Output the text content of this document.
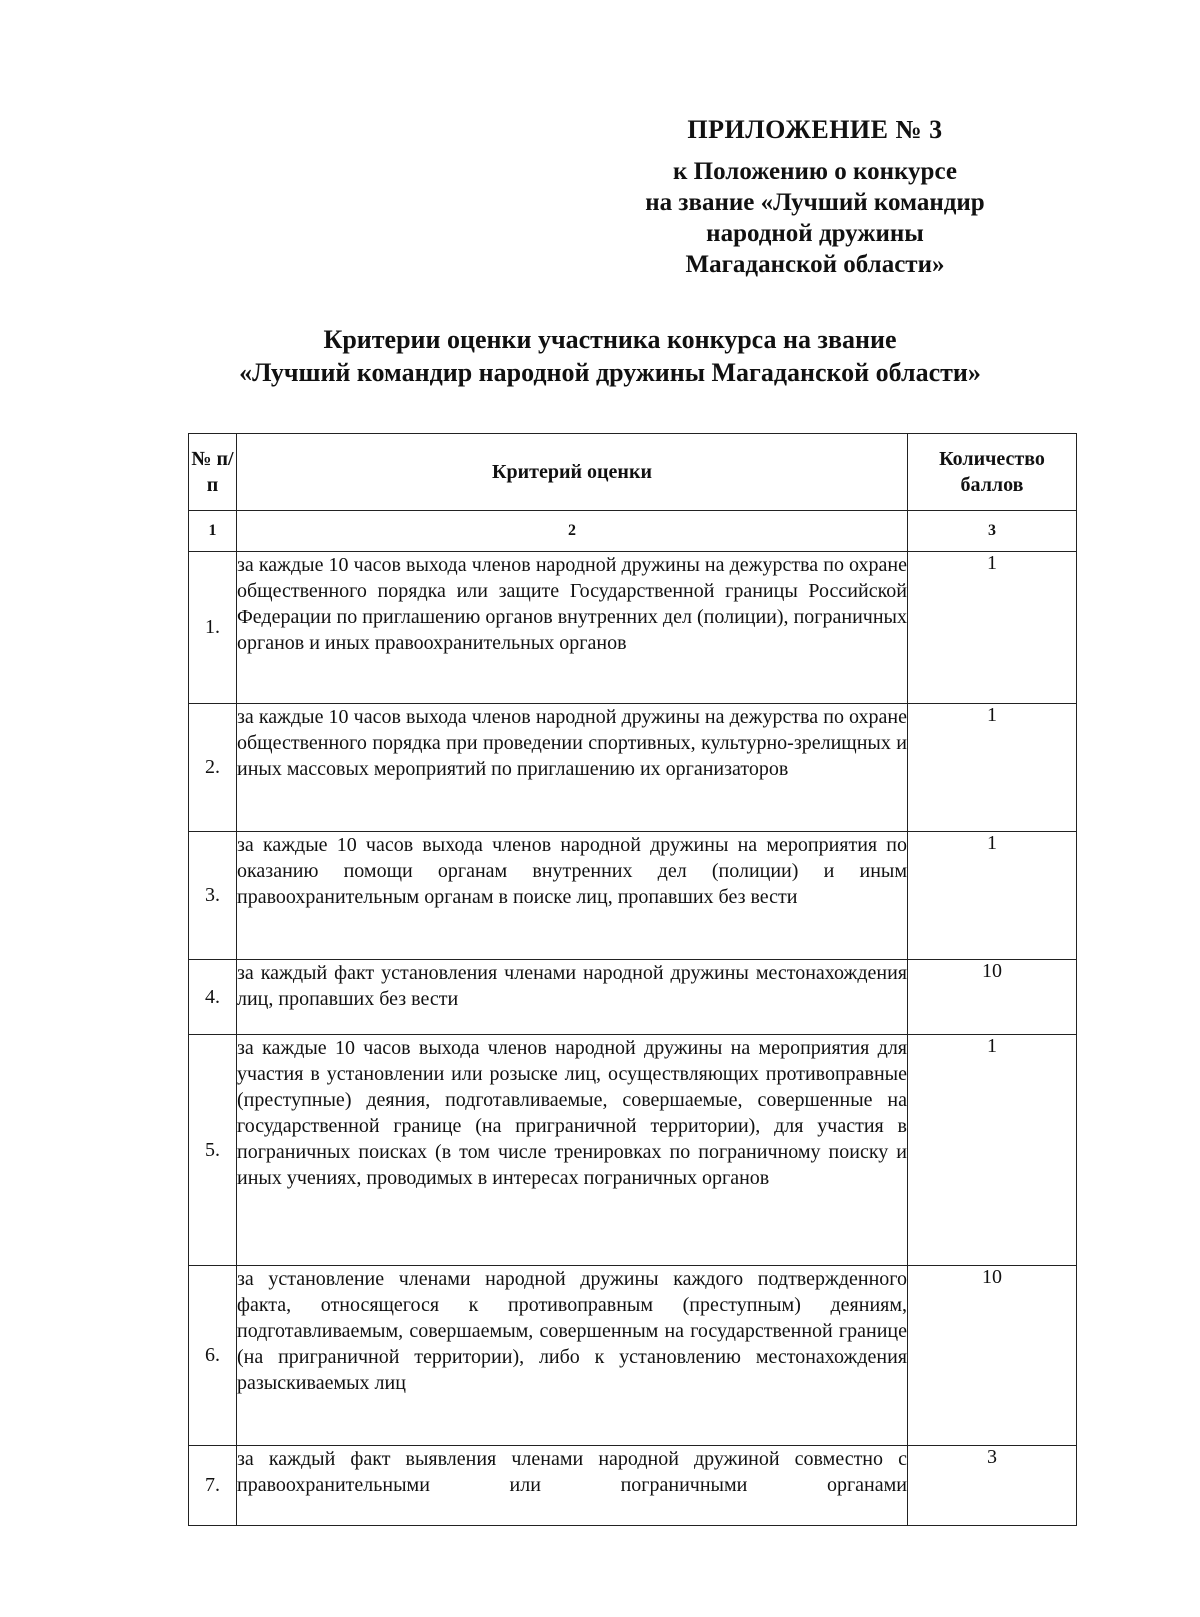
ПРИЛОЖЕНИЕ № 3
к Положению о конкурсе
на звание «Лучший командир
народной дружины
Магаданской области»
Критерии оценки участника конкурса на звание
«Лучший командир народной дружины Магаданской области»
№ п/п	Критерий оценки	Количество баллов
1	2	3
1.	за каждые 10 часов выхода членов народной дружины на дежурства по охране общественного порядка или защите Государственной границы Российской Федерации по приглашению органов внутренних дел (полиции), пограничных органов и иных правоохранительных органов	1
2.	за каждые 10 часов выхода членов народной дружины на дежурства по охране общественного порядка при проведении спортивных, культурно-зрелищных и иных массовых мероприятий по приглашению их организаторов	1
3.	за каждые 10 часов выхода членов народной дружины на мероприятия по оказанию помощи органам внутренних дел (полиции) и иным правоохранительным органам в поиске лиц, пропавших без вести	1
4.	за каждый факт установления членами народной дружины местонахождения лиц, пропавших без вести	10
5.	за каждые 10 часов выхода членов народной дружины на мероприятия для участия в установлении или розыске лиц, осуществляющих противоправные (преступные) деяния, подготавливаемые, совершаемые, совершенные на государственной границе (на приграничной территории), для участия в пограничных поисках (в том числе тренировках по пограничному поиску и иных учениях, проводимых в интересах пограничных органов	1
6.	за установление членами народной дружины каждого подтвержденного факта, относящегося к противоправным (преступным) деяниям, подготавливаемым, совершаемым, совершенным на государственной границе (на приграничной территории), либо к установлению местонахождения разыскиваемых лиц	10
7.	за каждый факт выявления членами народной дружиной совместно с правоохранительными или пограничными органами	3
